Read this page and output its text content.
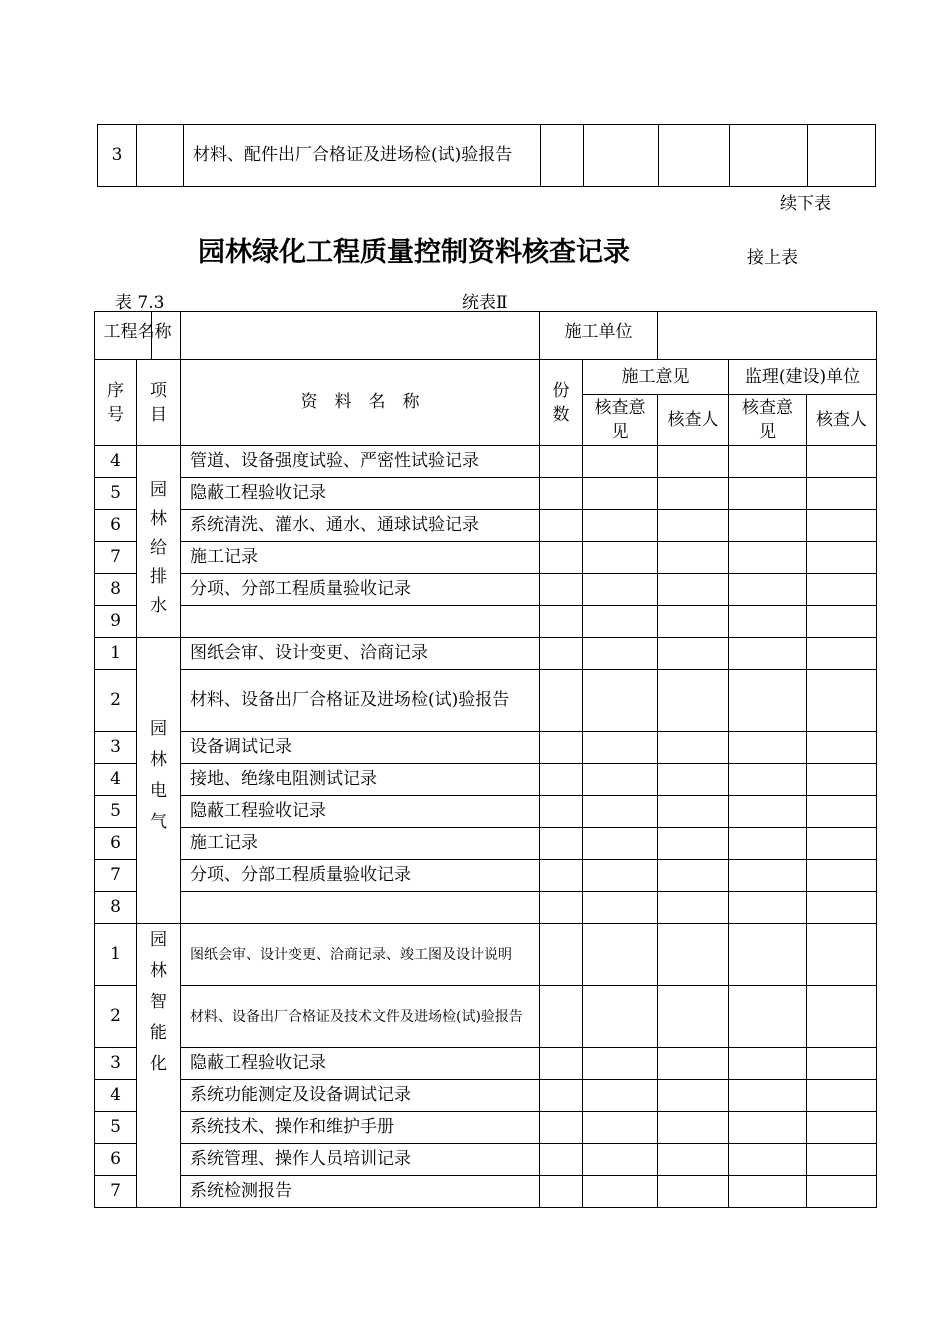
3		材料、配件出厂合格证及进场检(试)验报告					
续下表
园林绿化工程质量控制资料核查记录	接上表
表 7.3	统表Ⅱ
工程名称			施工单位				
序号	项目	资　料　名　称	份数	施工意见		监理(建设)单位	
				核查意见	核查人	核查意见	核查人
4	园林给排水	管道、设备强度试验、严密性试验记录					
5		隐蔽工程验收记录					
6		系统清洗、灌水、通水、通球试验记录					
7		施工记录					
8		分项、分部工程质量验收记录					
9							
1	园林电气	图纸会审、设计变更、洽商记录					
2		材料、设备出厂合格证及进场检(试)验报告					
3		设备调试记录					
4		接地、绝缘电阻测试记录					
5		隐蔽工程验收记录					
6		施工记录					
7		分项、分部工程质量验收记录					
8							
1	园林智能化	图纸会审、设计变更、洽商记录、竣工图及设计说明					
2		材料、设备出厂合格证及技术文件及进场检(试)验报告					
3		隐蔽工程验收记录					
4		系统功能测定及设备调试记录					
5		系统技术、操作和维护手册					
6		系统管理、操作人员培训记录					
7		系统检测报告					
